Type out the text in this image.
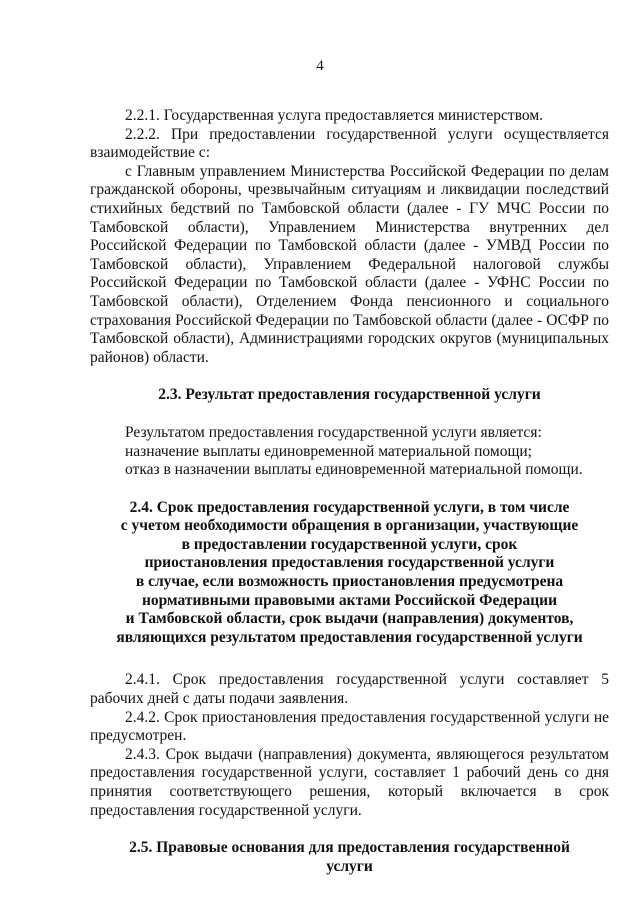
4

2.2.1. Государственная услуга предоставляется министерством.

2.2.2. При предоставлении государственной услуги осуществляется взаимодействие с:

с Главным управлением Министерства Российской Федерации по делам гражданской обороны, чрезвычайным ситуациям и ликвидации последствий стихийных бедствий по Тамбовской области (далее - ГУ МЧС России по Тамбовской области), Управлением Министерства внутренних дел Российской Федерации по Тамбовской области (далее - УМВД России по Тамбовской области), Управлением Федеральной налоговой службы Российской Федерации по Тамбовской области (далее - УФНС России по Тамбовской области), Отделением Фонда пенсионного и социального страхования Российской Федерации по Тамбовской области (далее - ОСФР по Тамбовской области), Администрациями городских округов (муниципальных районов) области.

2.3. Результат предоставления государственной услуги
Результатом предоставления государственной услуги является:
назначение выплаты единовременной материальной помощи;
отказ в назначении выплаты единовременной материальной помощи.
2.4. Срок предоставления государственной услуги, в том числе
с учетом необходимости обращения в организации, участвующие
в предоставлении государственной услуги, срок
приостановления предоставления государственной услуги
в случае, если возможность приостановления предусмотрена
нормативными правовыми актами Российской Федерации
и Тамбовской области, срок выдачи (направления) документов,
являющихся результатом предоставления государственной услуги

2.4.1. Срок предоставления государственной услуги составляет 5 рабочих дней с даты подачи заявления.

2.4.2. Срок приостановления предоставления государственной услуги не предусмотрен.

2.4.3. Срок выдачи (направления) документа, являющегося результатом предоставления государственной услуги, составляет 1 рабочий день со дня принятия соответствующего решения, который включается в срок предоставления государственной услуги.

2.5. Правовые основания для предоставления государственной
услуги
